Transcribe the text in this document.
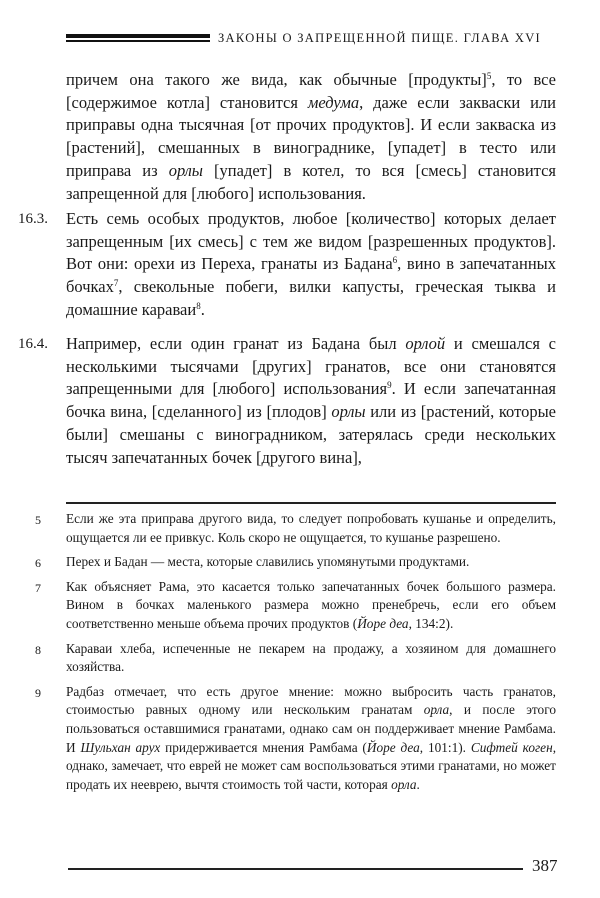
ЗАКОНЫ О ЗАПРЕЩЕННОЙ ПИЩЕ. ГЛАВА XVI
причем она такого же вида, как обычные [продукты]$^5$, то все [содержимое котла] становится медума, даже если закваски или приправы одна тысячная [от прочих продуктов]. И если закваска из [растений], смешанных в винограднике, [упадет] в тесто или приправа из орлы [упадет] в котел, то вся [смесь] становится запрещенной для [любого] использования.
16.3.	Есть семь особых продуктов, любое [количество] которых делает запрещенным [их смесь] с тем же видом [разрешенных продуктов]. Вот они: орехи из Переха, гранаты из Бадана$^6$, вино в запечатанных бочках$^7$, свекольные побеги, вилки капусты, греческая тыква и домашние караваи$^8$.
16.4.	Например, если один гранат из Бадана был орлой и смешался с несколькими тысячами [других] гранатов, все они становятся запрещенными для [любого] использования$^9$. И если запечатанная бочка вина, [сделанного] из [плодов] орлы или из [растений, которые были] смешаны с виноградником, затерялась среди нескольких тысяч запечатанных бочек [другого вина],
5 Если же эта приправа другого вида, то следует попробовать кушанье и определить, ощущается ли ее привкус. Коль скоро не ощущается, то кушанье разрешено.
6 Перех и Бадан — места, которые славились упомянутыми продуктами.
7 Как объясняет Рама, это касается только запечатанных бочек большого размера. Вином в бочках маленького размера можно пренебречь, если его объем соответственно меньше объема прочих продуктов (Йоре деа, 134:2).
8 Караваи хлеба, испеченные не пекарем на продажу, а хозяином для домашнего хозяйства.
9 Радбаз отмечает, что есть другое мнение: можно выбросить часть гранатов, стоимостью равных одному или нескольким гранатам орла, и после этого пользоваться оставшимися гранатами, однако сам он поддерживает мнение Рамбама. И Шульхан арух придерживается мнения Рамбама (Йоре деа, 101:1). Сифтей коген, однако, замечает, что еврей не может сам воспользоваться этими гранатами, но может продать их нееврею, вычтя стоимость той части, которая орла.
387
